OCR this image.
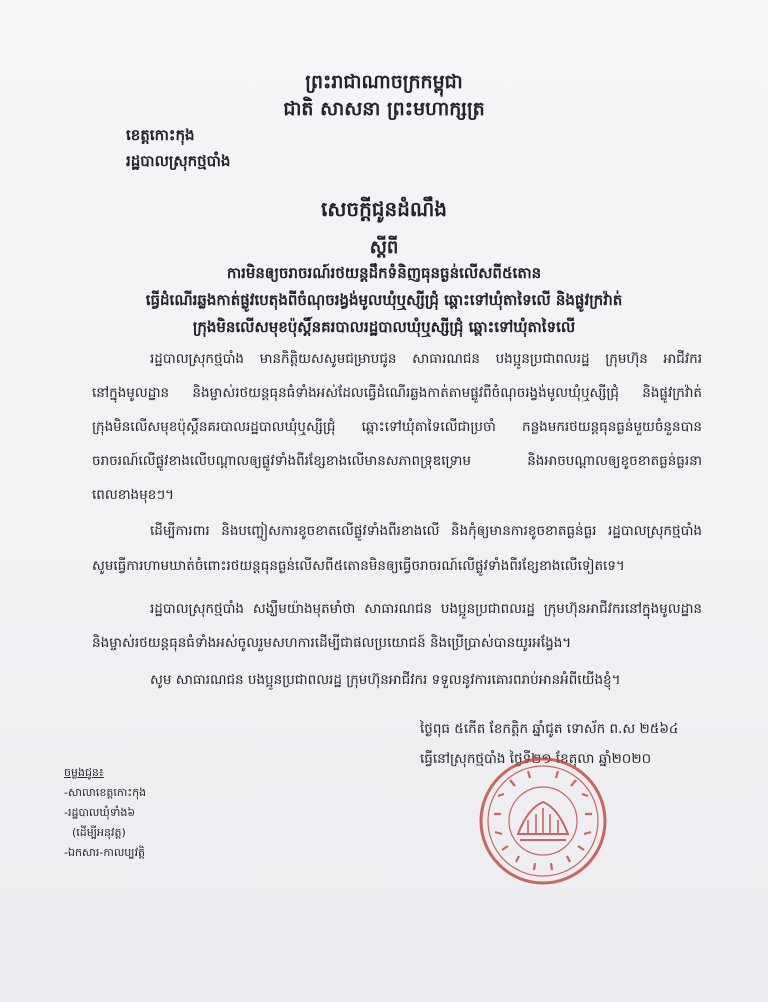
ព្រះរាជាណាចក្រកម្ពុជា
ជាតិ សាសនា ព្រះមហាក្សត្រ
ខេត្តកោះកុង
រដ្ឋបាលស្រុកថ្មបាំង
សេចក្តីជូនដំណឹង
ស្តីពី
ការមិនឲ្យចរាចរណ៍រថយន្តដឹកទំនិញធុនធ្ងន់លើសពី៥តោន
ធ្វើដំណើរឆ្លងកាត់ផ្លូវបេតុងពីចំណុចរង្វង់មូលឃុំឬស្សីជ្រុំ ឆ្ពោះទៅឃុំតាទៃលើ និងផ្លូវក្រវ៉ាត់
ក្រុងមិនលើសមុខប៉ុស្តិ៍នគរបាលរដ្ឋបាលឃុំឬស្សីជ្រុំ ឆ្ពោះទៅឃុំតាទៃលើ
រដ្ឋបាលស្រុកថ្មបាំង មានកិត្តិយសសូមជម្រាបជូន សាធារណជន បងប្អូនប្រជាពលរដ្ឋ ក្រុមហ៊ុន អាជីវករ
នៅក្នុងមូលដ្ឋាន និងម្ចាស់រថយន្តធុនធំទាំងអស់ដែលធ្វើដំណើរឆ្លងកាត់តាមផ្លូវពីចំណុចរង្វង់មូលឃុំឬស្សីជ្រុំ និងផ្លូវក្រវ៉ាត់
ក្រុងមិនលើសមុខប៉ុស្តិ៍នគរបាលរដ្ឋបាលឃុំឬស្សីជ្រុំ ឆ្ពោះទៅឃុំតាទៃលើជាប្រចាំ កន្លងមករថយន្តធុនធ្ងន់មួយចំនួនបាន
ចរាចរណ៍លើផ្លូវខាងលើបណ្តាលឲ្យផ្លូវទាំងពីរខ្សែខាងលើមានសភាពទ្រុឌទ្រោម និងអាចបណ្តាលឲ្យខូចខាតធ្ងន់ធ្ងរនា
ពេលខាងមុខៗ។
ដើម្បីការពារ និងបញ្ចៀសការខូចខាតលើផ្លូវទាំងពីរខាងលើ និងកុំឲ្យមានការខូចខាតធ្ងន់ធ្ងរ រដ្ឋបាលស្រុកថ្មបាំង
សូមធ្វើការហាមឃាត់ចំពោះរថយន្តធុនធ្ងន់លើសពី៥តោនមិនឲ្យធ្វើចរាចរណ៍លើផ្លូវទាំងពីរខ្សែខាងលើទៀតទេ។
រដ្ឋបាលស្រុកថ្មបាំង សង្ឃឹមយ៉ាងមុតមាំថា សាធារណជន បងប្អូនប្រជាពលរដ្ឋ ក្រុមហ៊ុនអាជីវករនៅក្នុងមូលដ្ឋាន
និងម្ចាស់រថយន្តធុនធំទាំងអស់ចូលរួមសហការដើម្បីជាផលប្រយោជន៍ និងប្រើប្រាស់បានយូរអង្វែង។
សូម សាធារណជន បងប្អូនប្រជាពលរដ្ឋ ក្រុមហ៊ុនអាជីវករ ទទួលនូវការគោរពរាប់អានអំពីយើងខ្ញុំ។
ថ្ងៃពុធ ៥កើត ខែកត្តិក ឆ្នាំជូត ទោស័ក ព.ស ២៥៦៤
ធ្វើនៅស្រុកថ្មបាំង ថ្ងៃទី២១ ខែតុលា ឆ្នាំ២០២០
ចម្លងជូន៖
-សាលាខេត្តកោះកុង
-រដ្ឋបាលឃុំទាំង៦
(ដើម្បីអនុវត្ត)
-ឯកសារ-កាលប្បវត្តិ
